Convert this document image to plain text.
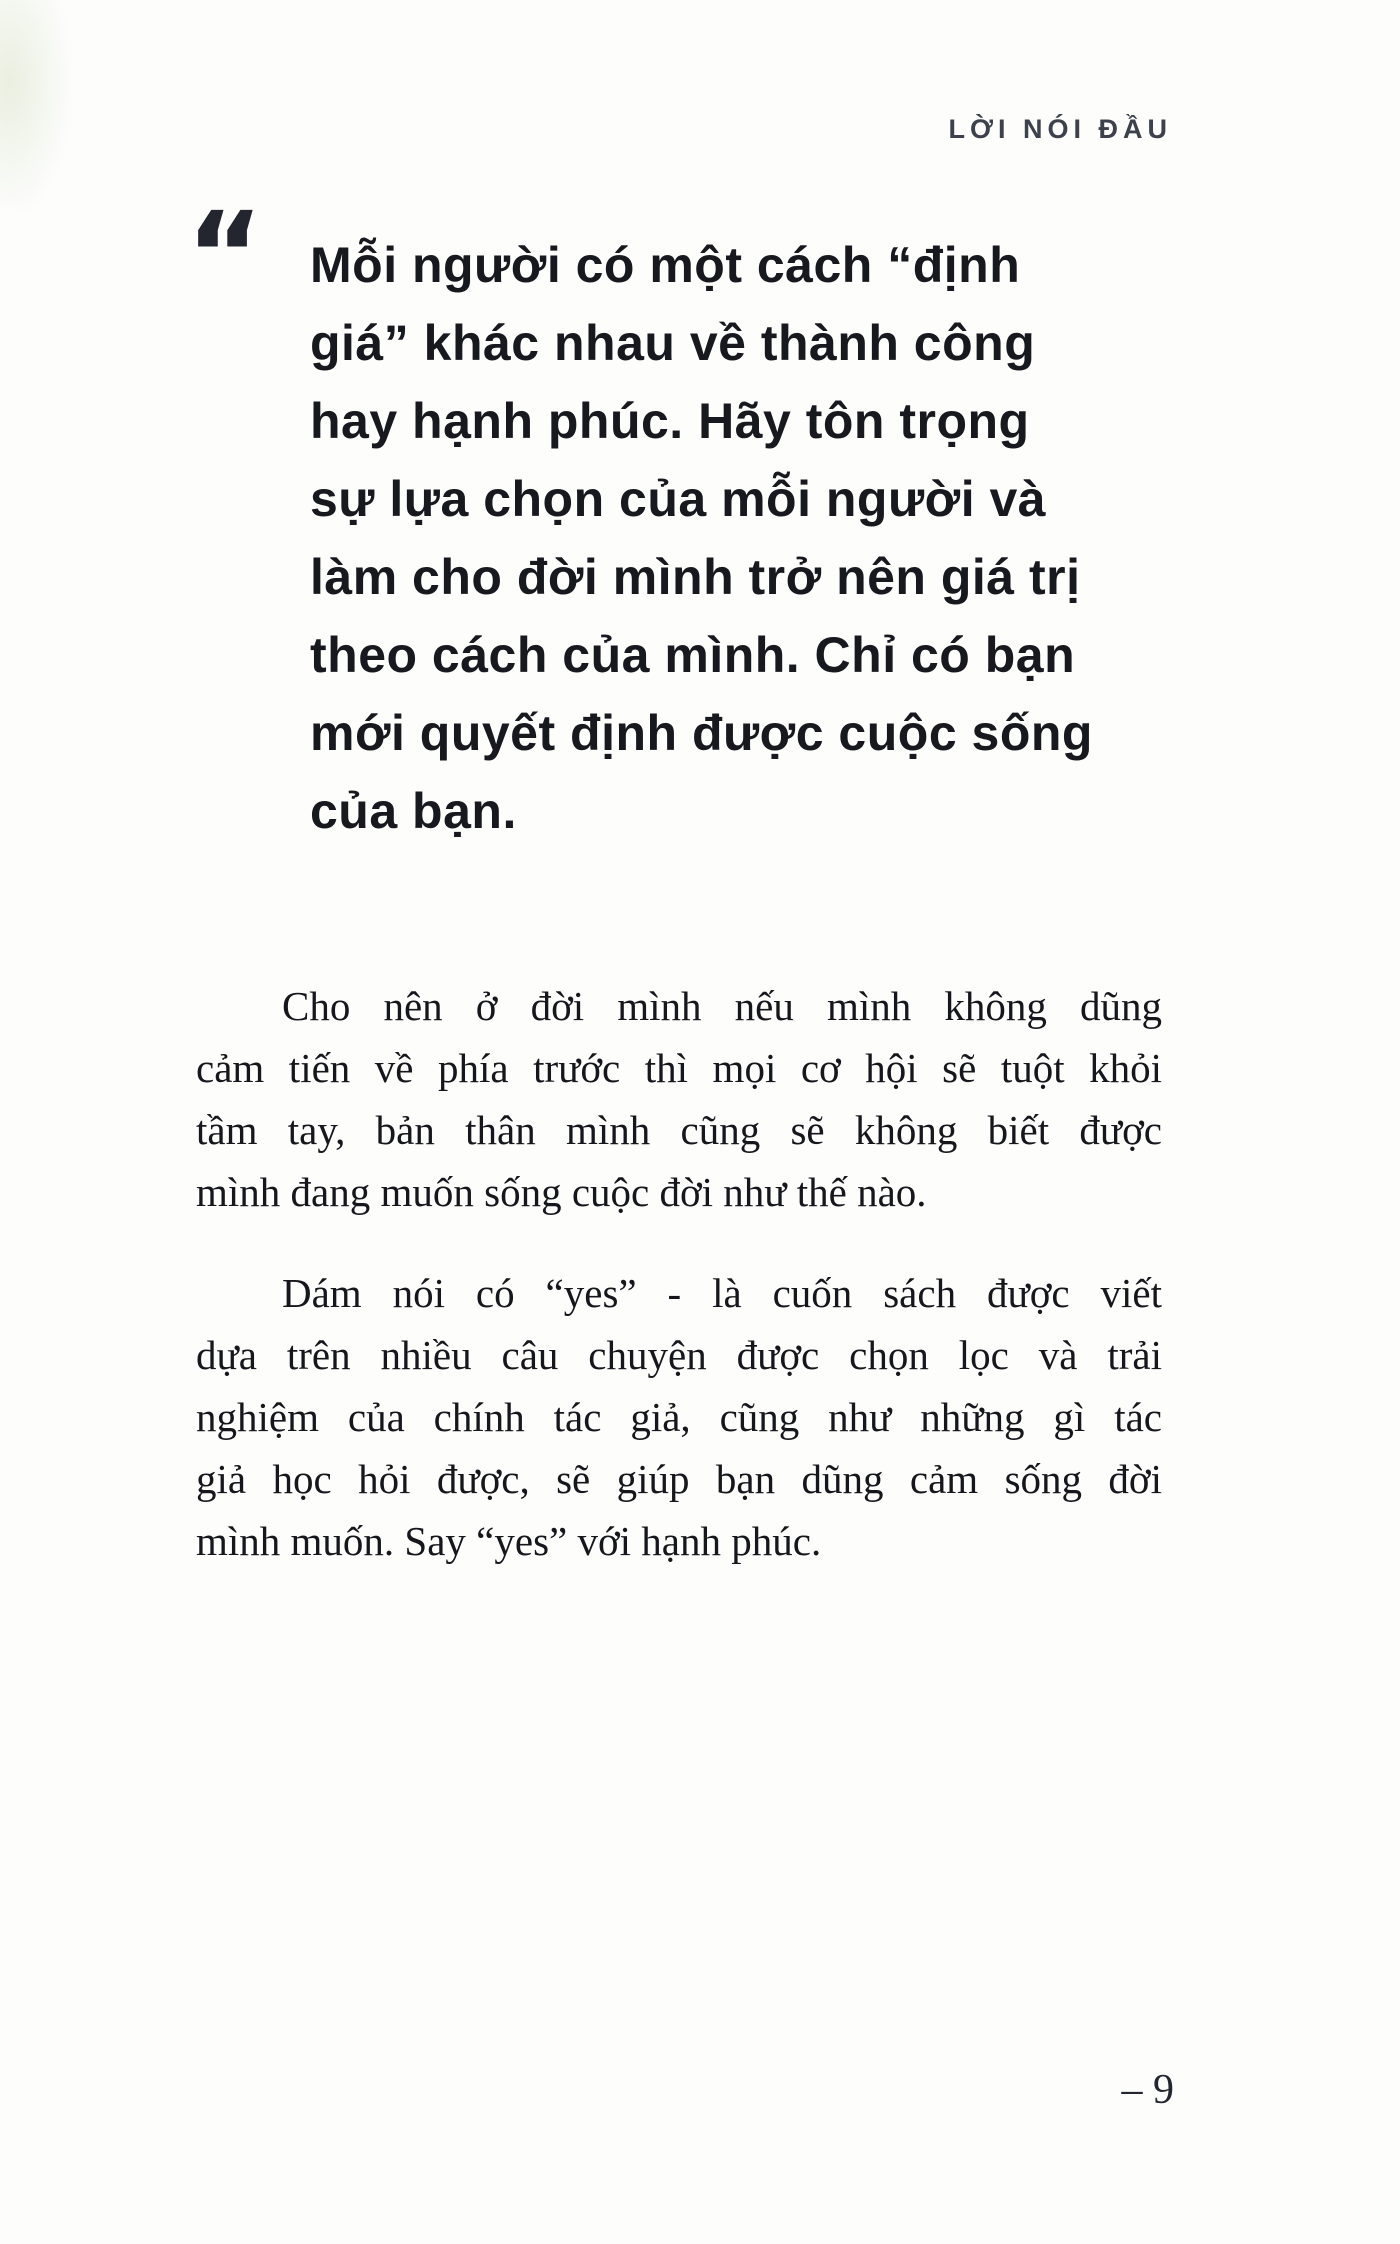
LỜI NÓI ĐẦU
“ Mỗi người có một cách “định
giá” khác nhau về thành công
hay hạnh phúc. Hãy tôn trọng
sự lựa chọn của mỗi người và
làm cho đời mình trở nên giá trị
theo cách của mình. Chỉ có bạn
mới quyết định được cuộc sống
của bạn.
Cho nên ở đời mình nếu mình không dũng
cảm tiến về phía trước thì mọi cơ hội sẽ tuột khỏi
tầm tay, bản thân mình cũng sẽ không biết được
mình đang muốn sống cuộc đời như thế nào.
Dám nói có “yes” - là cuốn sách được viết
dựa trên nhiều câu chuyện được chọn lọc và trải
nghiệm của chính tác giả, cũng như những gì tác
giả học hỏi được, sẽ giúp bạn dũng cảm sống đời
mình muốn. Say “yes” với hạnh phúc.
– 9
